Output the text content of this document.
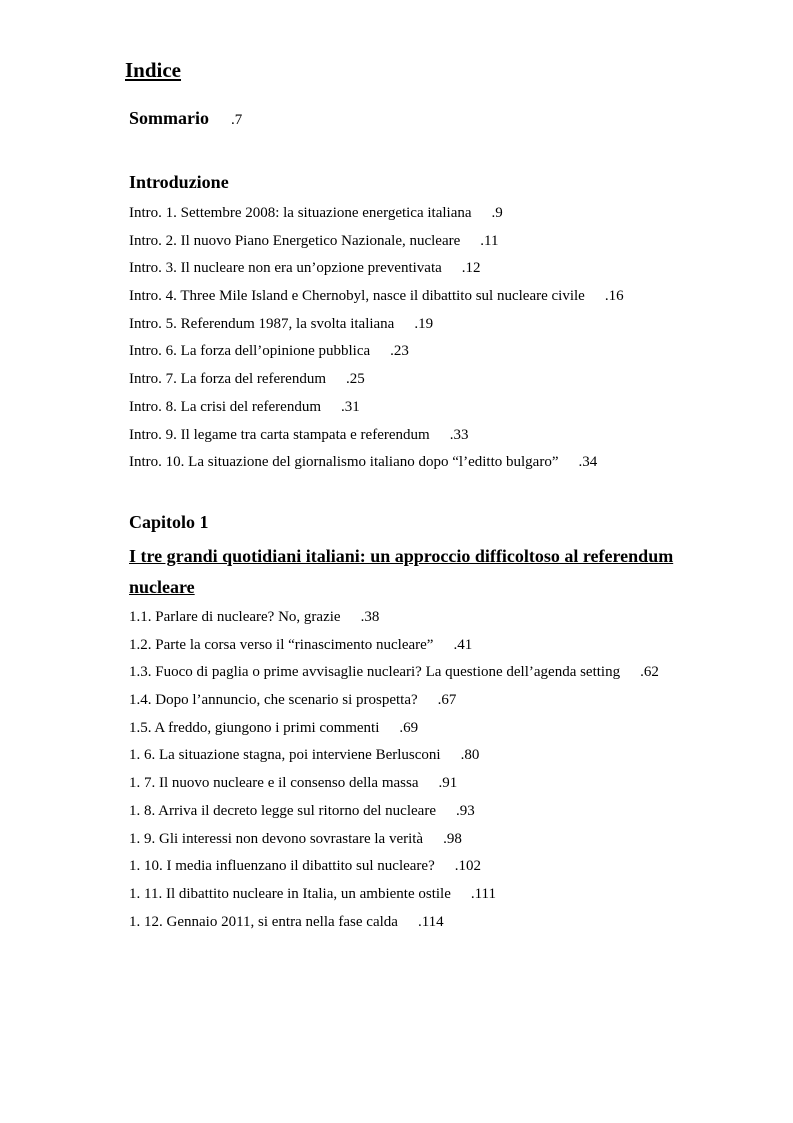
Indice
Sommario .7
Introduzione
Intro. 1. Settembre 2008: la situazione energetica italiana .9
Intro. 2. Il nuovo Piano Energetico Nazionale, nucleare .11
Intro. 3. Il nucleare non era un’opzione preventivata .12
Intro. 4. Three Mile Island e Chernobyl, nasce il dibattito sul nucleare civile .16
Intro. 5. Referendum 1987, la svolta italiana .19
Intro. 6. La forza dell’opinione pubblica .23
Intro. 7. La forza del referendum .25
Intro. 8. La crisi del referendum .31
Intro. 9. Il legame tra carta stampata e referendum .33
Intro. 10. La situazione del giornalismo italiano dopo “l’editto bulgaro” .34
Capitolo 1
I tre grandi quotidiani italiani: un approccio difficoltoso al referendum nucleare
1.1. Parlare di nucleare? No, grazie .38
1.2. Parte la corsa verso il “rinascimento nucleare” .41
1.3. Fuoco di paglia o prime avvisaglie nucleari? La questione dell’agenda setting .62
1.4. Dopo l’annuncio, che scenario si prospetta? .67
1.5. A freddo, giungono i primi commenti .69
1. 6. La situazione stagna, poi interviene Berlusconi .80
1. 7. Il nuovo nucleare e il consenso della massa .91
1. 8. Arriva il decreto legge sul ritorno del nucleare .93
1. 9. Gli interessi non devono sovrastare la verità .98
1. 10. I media influenzano il dibattito sul nucleare? .102
1. 11. Il dibattito nucleare in Italia, un ambiente ostile .111
1. 12. Gennaio 2011, si entra nella fase calda .114
